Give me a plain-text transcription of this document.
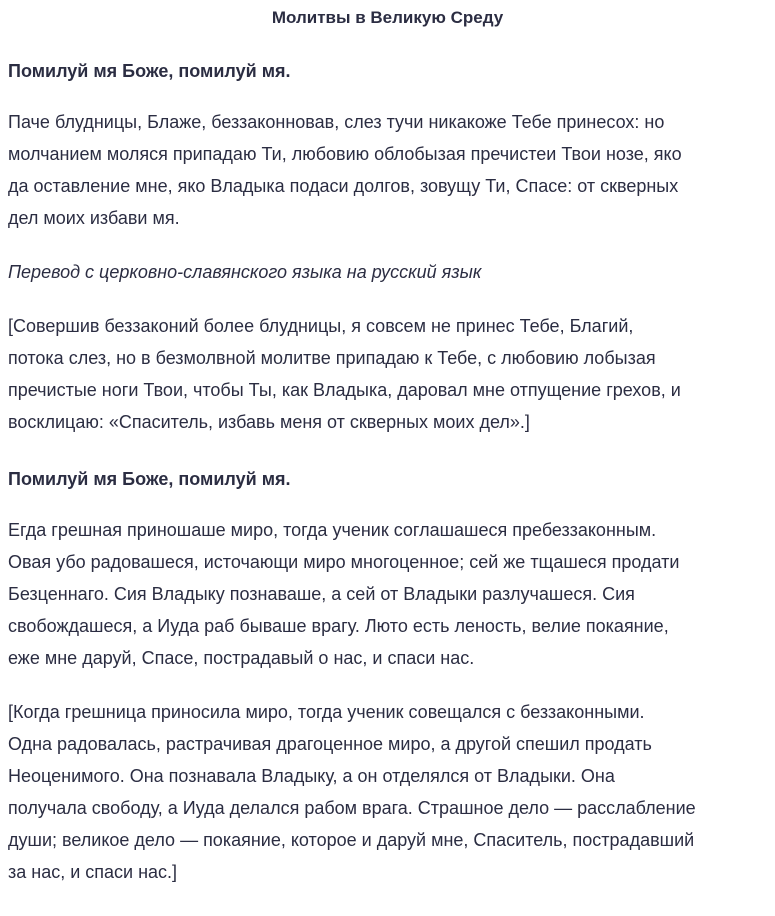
Молитвы в Великую Среду
Помилуй мя Боже, помилуй мя.
Паче блудницы, Блаже, беззаконновав, слез тучи никакоже Тебе принесох: но
молчанием моляся припадаю Ти, любовию облобызая пречистеи Твои нозе, яко
да оставление мне, яко Владыка подаси долгов, зовущу Ти, Спасе: от скверных
дел моих избави мя.
Перевод с церковно-славянского языка на русский язык
[Совершив беззаконий более блудницы, я совсем не принес Тебе, Благий,
потока слез, но в безмолвной молитве припадаю к Тебе, с любовию лобызая
пречистые ноги Твои, чтобы Ты, как Владыка, даровал мне отпущение грехов, и
восклицаю: «Спаситель, избавь меня от скверных моих дел».]
Помилуй мя Боже, помилуй мя.
Егда грешная приношаше миро, тогда ученик соглашашеся пребеззаконным.
Овая убо радовашеся, источающи миро многоценное; сей же тщашеся продати
Безценнаго. Сия Владыку познаваше, а сей от Владыки разлучашеся. Сия
свобождашеся, а Иуда раб бываше врагу. Люто есть леность, велие покаяние,
еже мне даруй, Спасе, пострадавый о нас, и спаси нас.
[Когда грешница приносила миро, тогда ученик совещался с беззаконными.
Одна радовалась, растрачивая драгоценное миро, а другой спешил продать
Неоценимого. Она познавала Владыку, а он отделялся от Владыки. Она
получала свободу, а Иуда делался рабом врага. Страшное дело — расслабление
души; великое дело — покаяние, которое и даруй мне, Спаситель, пострадавший
за нас, и спаси нас.]
